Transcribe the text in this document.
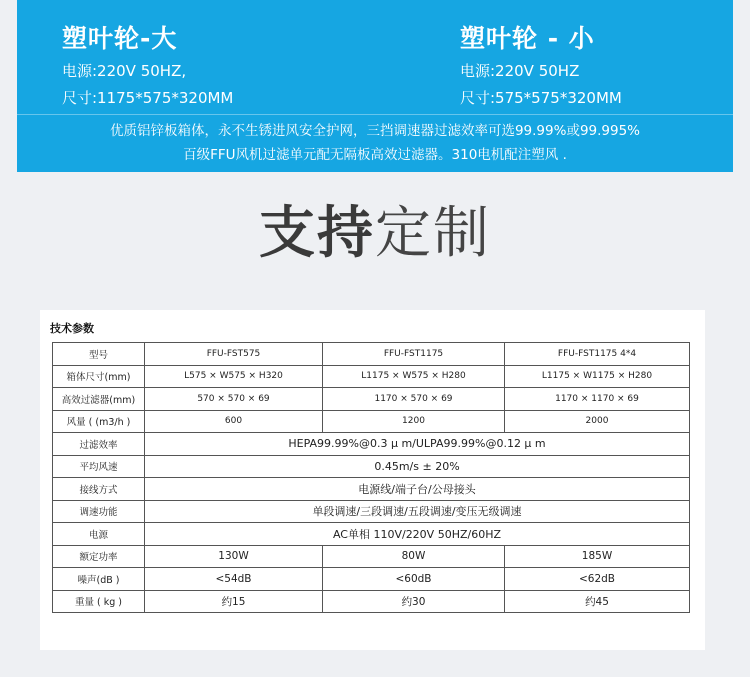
塑叶轮-大
电源:220V 50HZ,
尺寸:1175*575*320MM
塑叶轮 - 小
电源:220V 50HZ
尺寸:575*575*320MM
优质铝锌板箱体，永不生锈进风安全护网，三挡调速器过滤效率可选99.99%或99.995%
百级FFU风机过滤单元配无隔板高效过滤器。310电机配注塑风 .
支持定制
技术参数
型号	FFU-FST575	FFU-FST1175	FFU-FST1175 4*4
箱体尺寸(mm)	L575 × W575 × H320	L1175 × W575 × H280	L1175 × W1175 × H280
高效过滤器(mm)	570 × 570 × 69	1170 × 570 × 69	1170 × 1170 × 69
风量 ( (m3/h )	600	1200	2000
过滤效率	HEPA99.99%@0.3 μ m/ULPA99.99%@0.12 μ m		
平均风速	0.45m/s ± 20%		
接线方式	电源线/端子台/公母接头		
调速功能	单段调速/三段调速/五段调速/变压无级调速		
电源	AC单相 110V/220V 50HZ/60HZ		
额定功率	130W	80W	185W
噪声(dB )	<54dB	<60dB	<62dB
重量 ( kg )	约15	约30	约45
